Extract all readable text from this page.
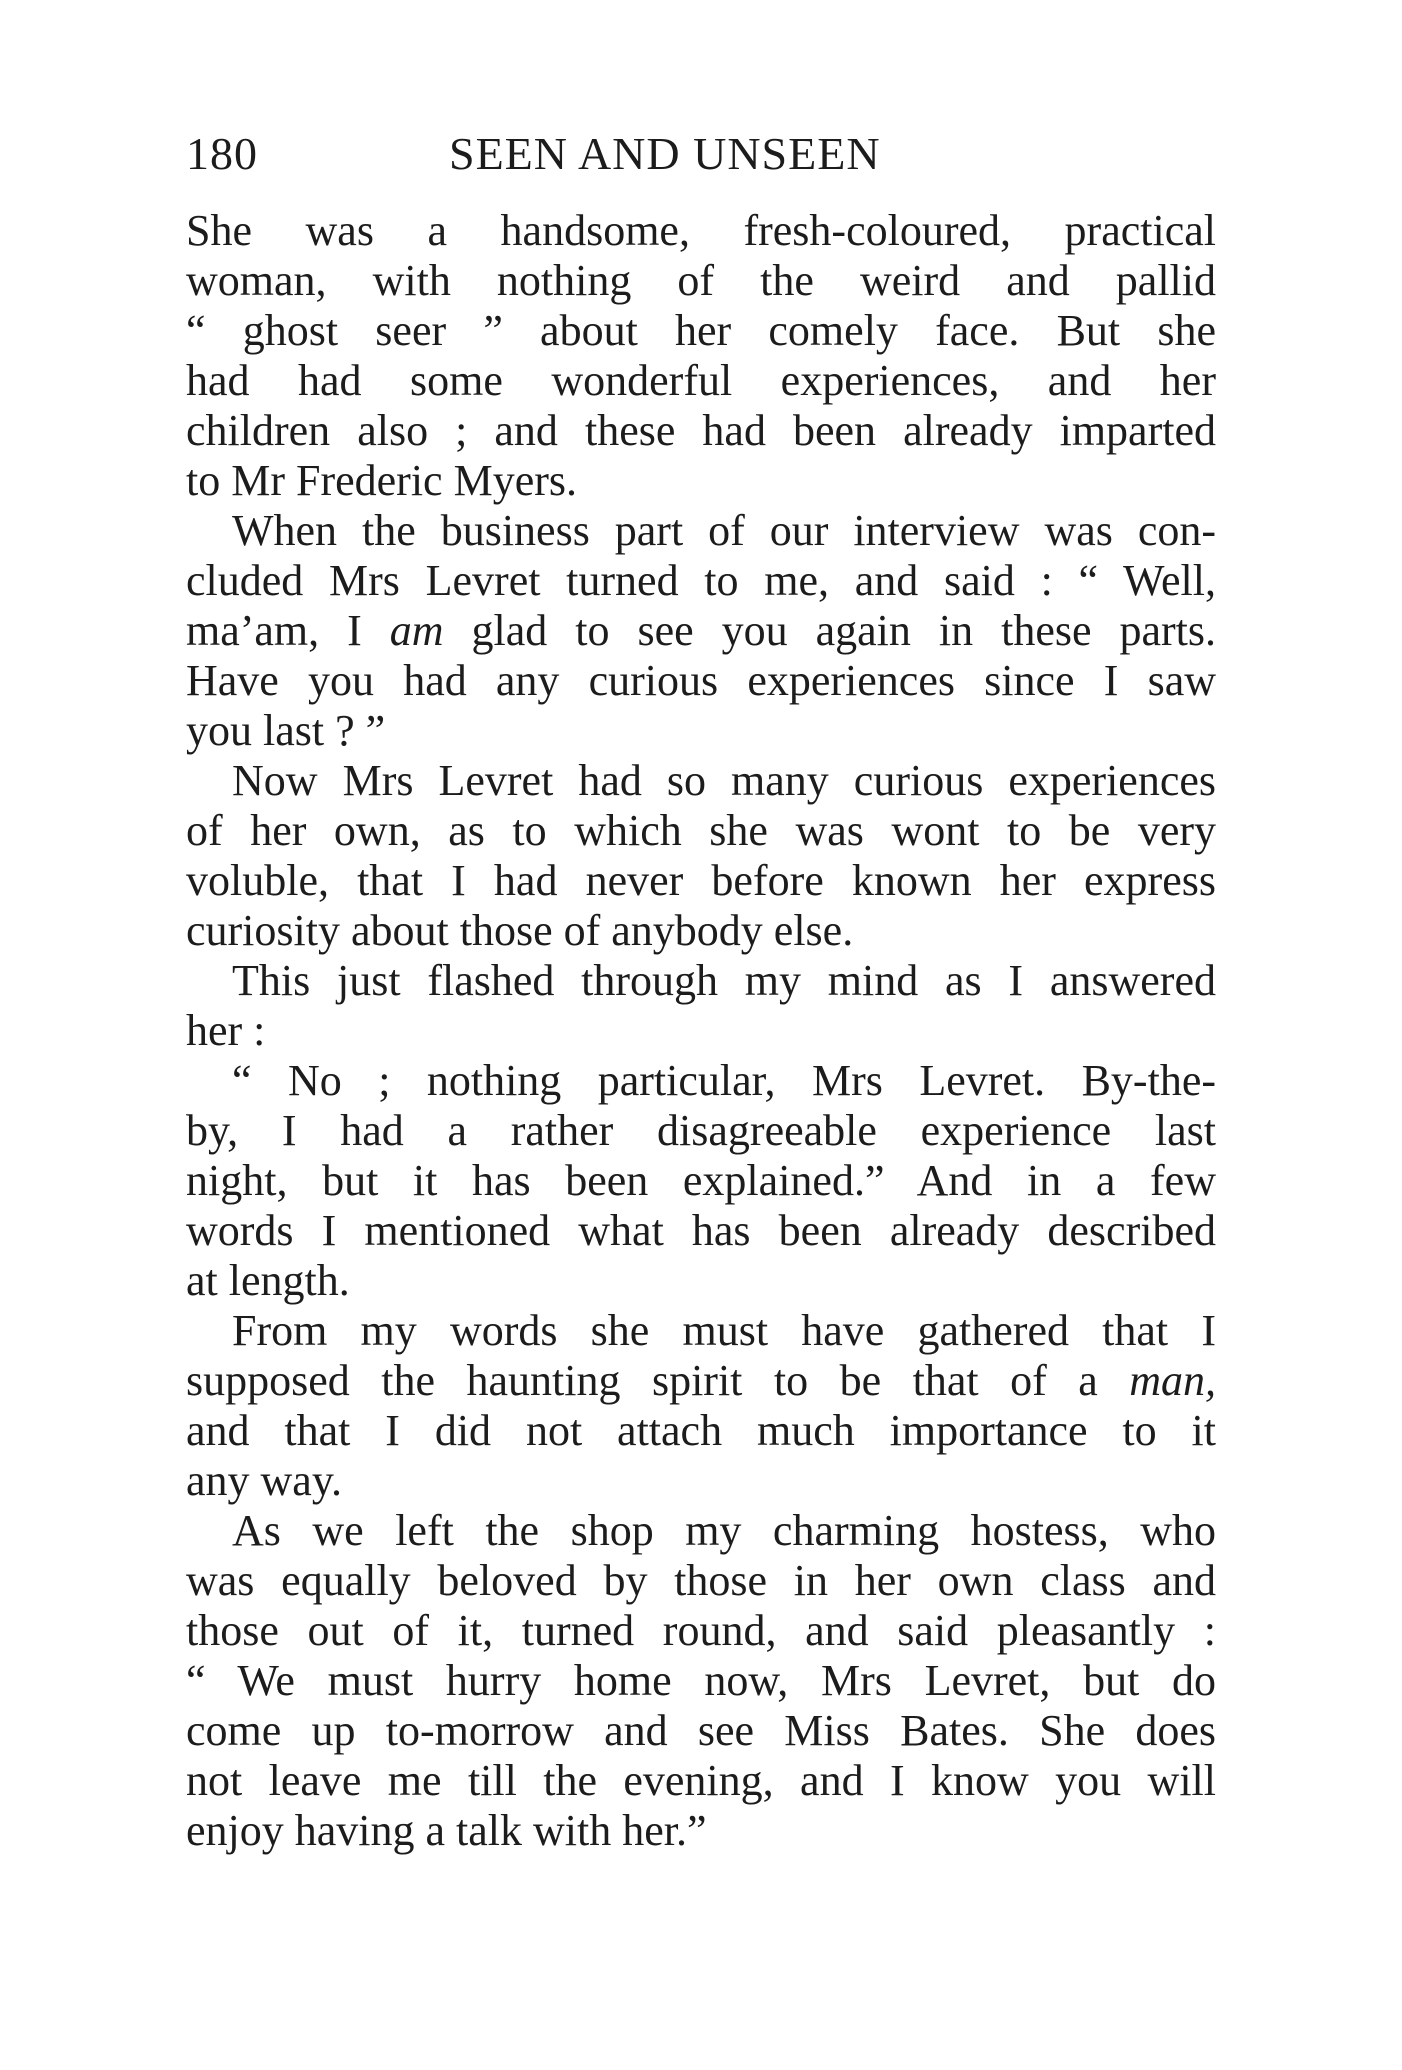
180	SEEN AND UNSEEN
She was a handsome, fresh-coloured, practical
woman, with nothing of the weird and pallid
“ ghost seer ” about her comely face. But she
had had some wonderful experiences, and her
children also ; and these had been already imparted
to Mr Frederic Myers.
When the business part of our interview was con-
cluded Mrs Levret turned to me, and said : “ Well,
ma’am, I am glad to see you again in these parts.
Have you had any curious experiences since I saw
you last ? ”
Now Mrs Levret had so many curious experiences
of her own, as to which she was wont to be very
voluble, that I had never before known her express
curiosity about those of anybody else.
This just flashed through my mind as I answered
her :
“ No ; nothing particular, Mrs Levret. By-the-
by, I had a rather disagreeable experience last
night, but it has been explained.” And in a few
words I mentioned what has been already described
at length.
From my words she must have gathered that I
supposed the haunting spirit to be that of a man,
and that I did not attach much importance to it
any way.
As we left the shop my charming hostess, who
was equally beloved by those in her own class and
those out of it, turned round, and said pleasantly :
“ We must hurry home now, Mrs Levret, but do
come up to-morrow and see Miss Bates. She does
not leave me till the evening, and I know you will
enjoy having a talk with her.”
